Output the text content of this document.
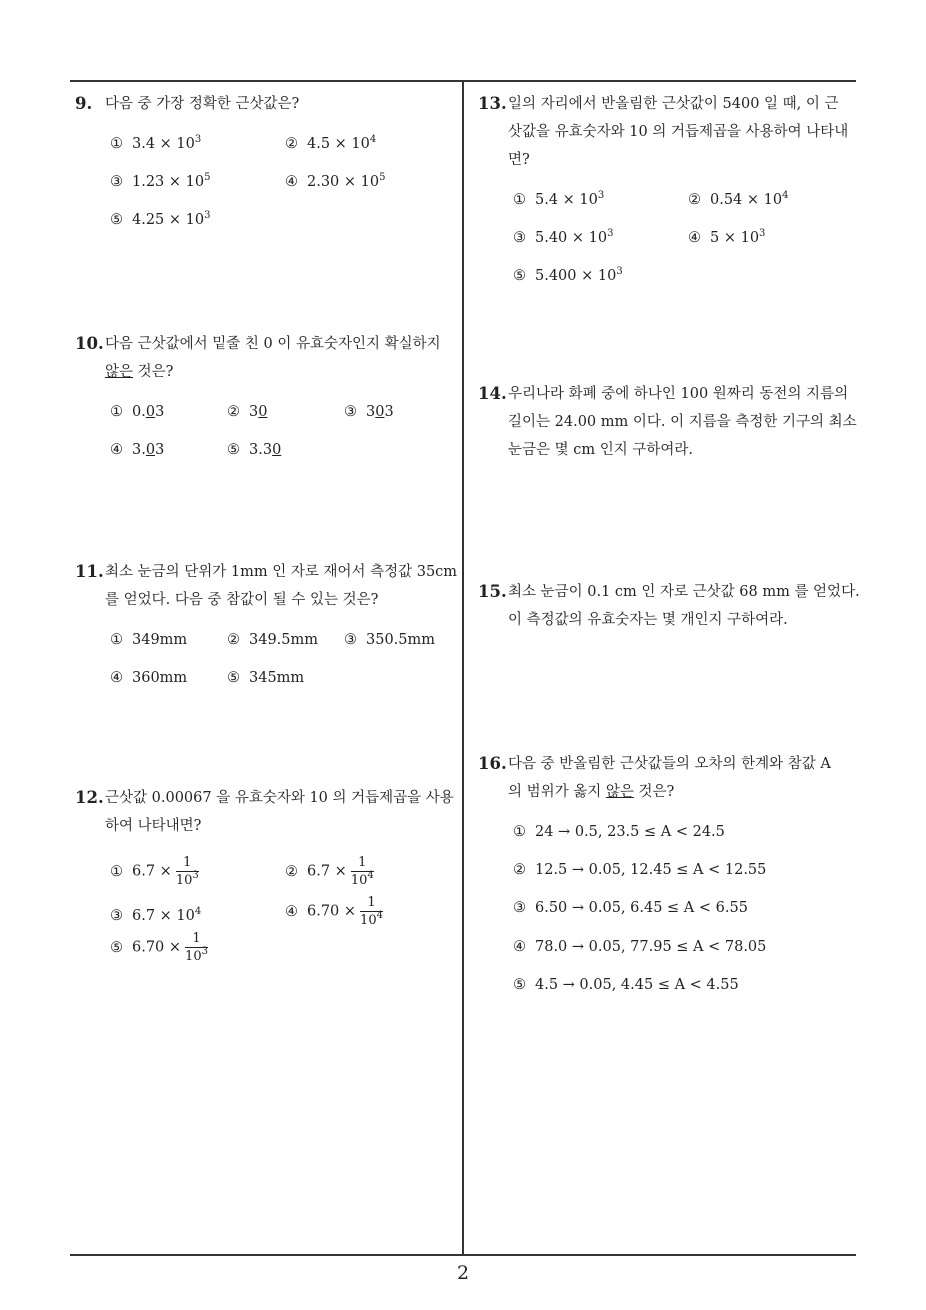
9. 다음 중 가장 정확한 근삿값은?
① $3.4 \times 10^3$	② $4.5 \times 10^4$
③ $1.23 \times 10^5$	④ $2.30 \times 10^5$
⑤ $4.25 \times 10^3$
10. 다음 근삿값에서 밑줄 친 0 이 유효숫자인지 확실하지
않은 것은?
① 0.03	② 30	③ 303
④ 3.03	⑤ 3.30
11. 최소 눈금의 단위가 1mm 인 자로 재어서 측정값 35cm
를 얻었다. 다음 중 참값이 될 수 있는 것은?
① 349mm	② 349.5mm ③ 350.5mm
④ 360mm	⑤ 345mm
12. 근삿값 0.00067 을 유효숫자와 10 의 거듭제곱을 사용
하여 나타내면?
① $6.7 \times \frac{1}{10^3}$	② $6.7 \times \frac{1}{10^4}$
③ $6.7 \times 10^4$	④ $6.70 \times \frac{1}{10^4}$
⑤ $6.70 \times \frac{1}{10^3}$
13. 일의 자리에서 반올림한 근삿값이 5400 일 때, 이 근
삿값을 유효숫자와 10 의 거듭제곱을 사용하여 나타내
면?
① $5.4 \times 10^3$	② $0.54 \times 10^4$
③ $5.40 \times 10^3$	④ $5 \times 10^3$
⑤ $5.400 \times 10^3$
14. 우리나라 화폐 중에 하나인 100 원짜리 동전의 지름의
길이는 24.00 mm 이다. 이 지름을 측정한 기구의 최소
눈금은 몇 cm 인지 구하여라.
15. 최소 눈금이 0.1 cm 인 자로 근삿값 68 mm 를 얻었다.
이 측정값의 유효숫자는 몇 개인지 구하여라.
16. 다음 중 반올림한 근삿값들의 오차의 한계와 참값 A
의 범위가 옳지 않은 것은?
① 24 → 0.5, 23.5 ≤ A < 24.5
② 12.5 → 0.05, 12.45 ≤ A < 12.55
③ 6.50 → 0.05, 6.45 ≤ A < 6.55
④ 78.0 → 0.05, 77.95 ≤ A < 78.05
⑤ 4.5 → 0.05, 4.45 ≤ A < 4.55
2
